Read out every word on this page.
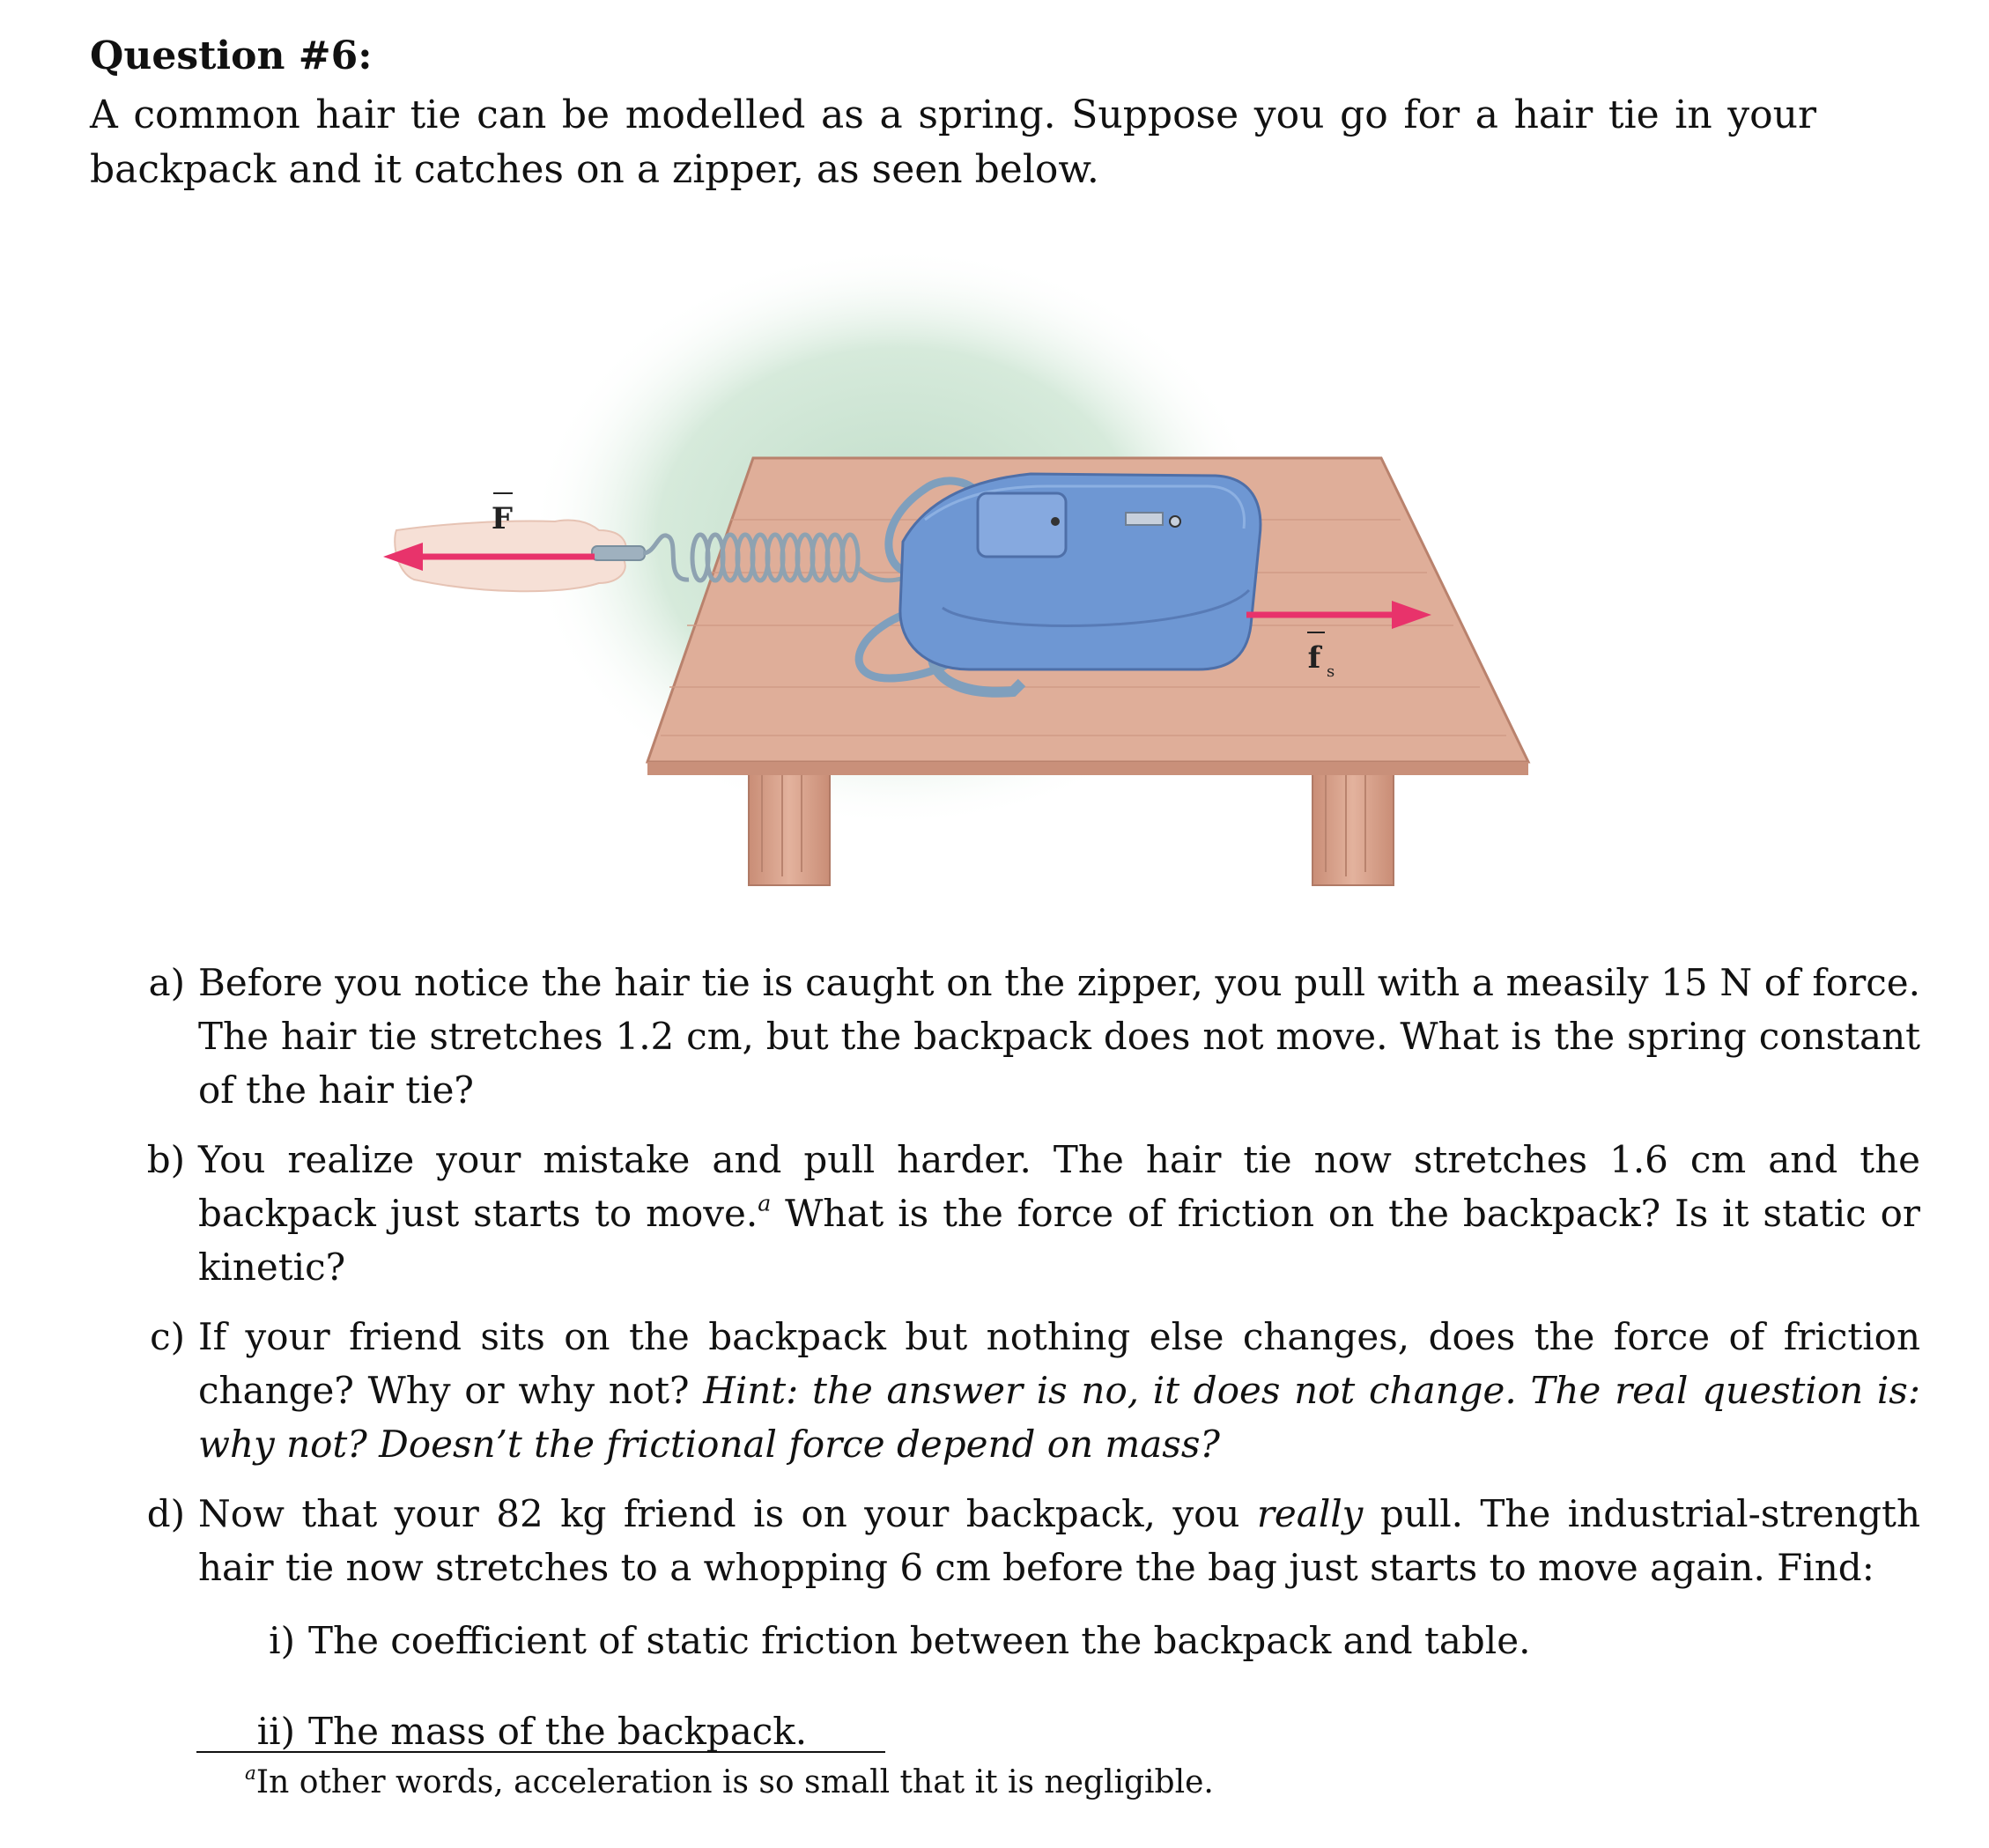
Question #6:

A common hair tie can be modelled as a spring. Suppose you go for a hair tie in your backpack and it catches on a zipper, as seen below.

F
f s
a) Before you notice the hair tie is caught on the zipper, you pull with a measily 15 N of force. The hair tie stretches 1.2 cm, but the backpack does not move. What is the spring constant of the hair tie?
b) You realize your mistake and pull harder. The hair tie now stretches 1.6 cm and the backpack just starts to move.$^a$ What is the force of friction on the backpack? Is it static or kinetic?
c) If your friend sits on the backpack but nothing else changes, does the force of friction change? Why or why not? Hint: the answer is no, it does not change. The real question is: why not? Doesn’t the frictional force depend on mass?
d) Now that your 82 kg friend is on your backpack, you really pull. The industrial-strength hair tie now stretches to a whopping 6 cm before the bag just starts to move again. Find:
i) The coefficient of static friction between the backpack and table.
ii) The mass of the backpack.

$^a$In other words, acceleration is so small that it is negligible.
